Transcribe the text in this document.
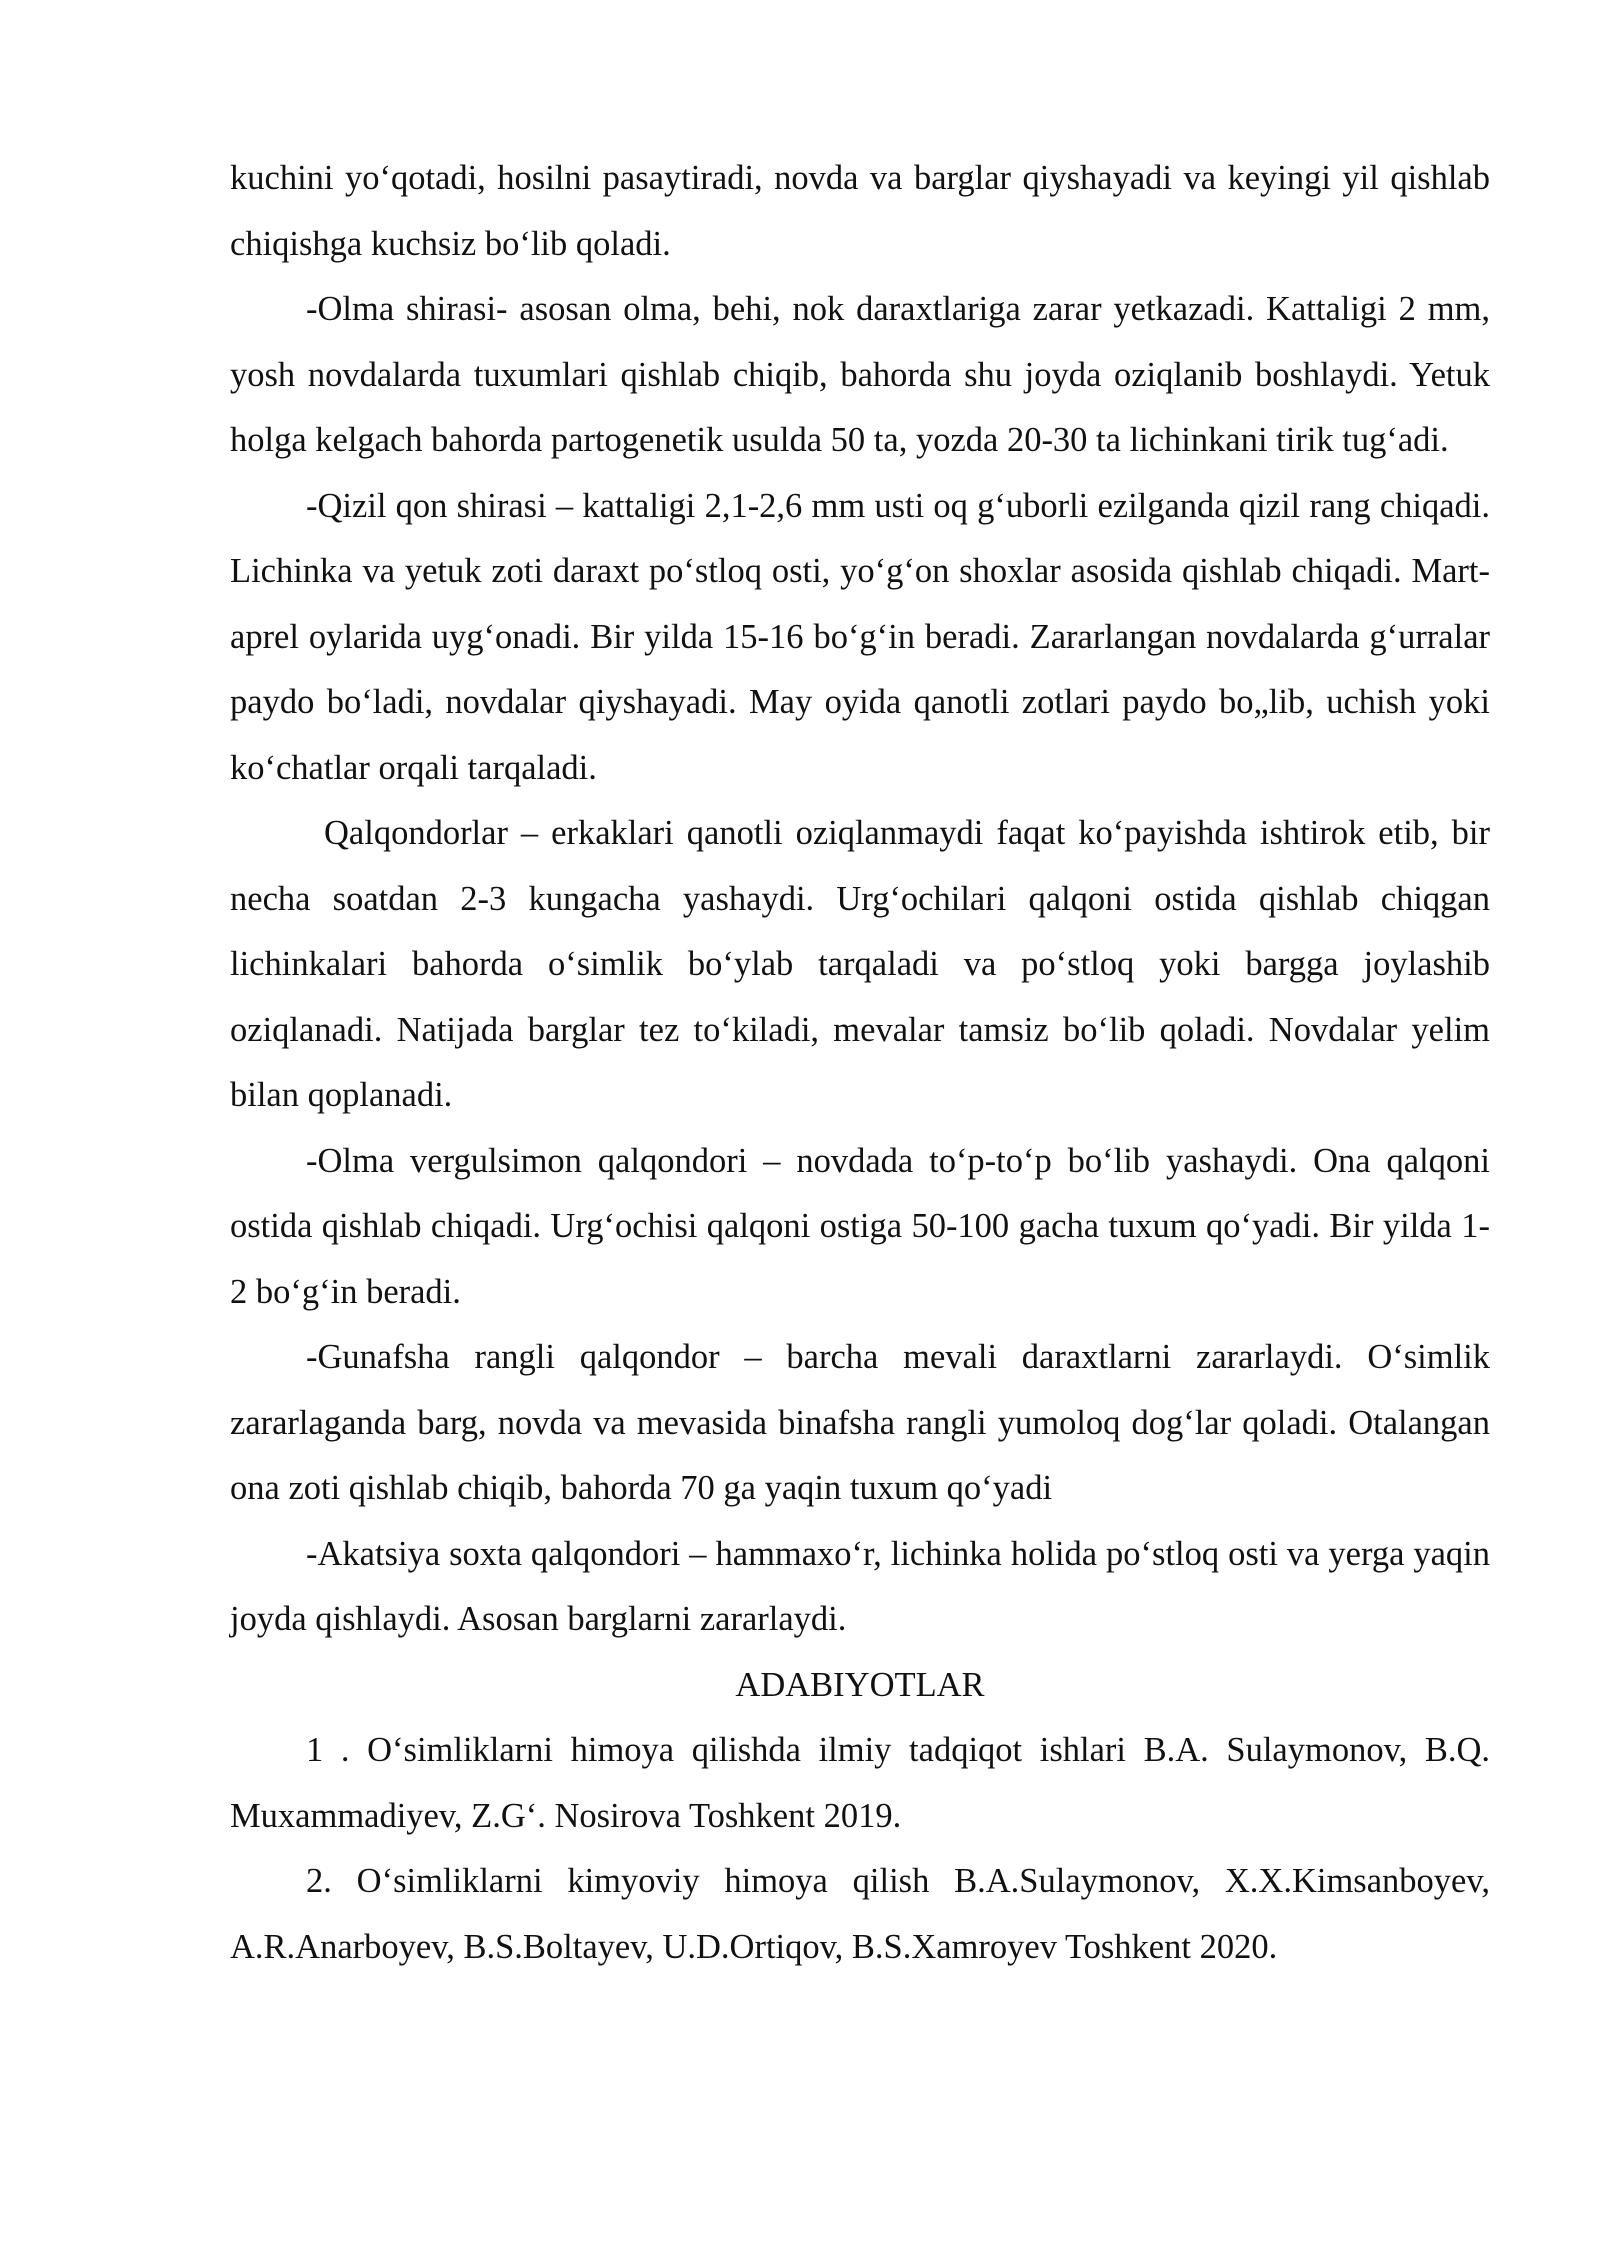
kuchini yo‘qotadi, hosilni pasaytiradi, novda va barglar qiyshayadi va keyingi yil qishlab chiqishga kuchsiz bo‘lib qoladi.

-Olma shirasi- asosan olma, behi, nok daraxtlariga zarar yetkazadi. Kattaligi 2 mm, yosh novdalarda tuxumlari qishlab chiqib, bahorda shu joyda oziqlanib boshlaydi. Yetuk holga kelgach bahorda partogenetik usulda 50 ta, yozda 20-30 ta lichinkani tirik tug‘adi.

-Qizil qon shirasi – kattaligi 2,1-2,6 mm usti oq g‘uborli ezilganda qizil rang chiqadi. Lichinka va yetuk zoti daraxt po‘stloq osti, yo‘g‘on shoxlar asosida qishlab chiqadi. Mart-aprel oylarida uyg‘onadi. Bir yilda 15-16 bo‘g‘in beradi. Zararlangan novdalarda g‘urralar paydo bo‘ladi, novdalar qiyshayadi. May oyida qanotli zotlari paydo bo„lib, uchish yoki ko‘chatlar orqali tarqaladi.

Qalqondorlar – erkaklari qanotli oziqlanmaydi faqat ko‘payishda ishtirok etib, bir necha soatdan 2-3 kungacha yashaydi. Urg‘ochilari qalqoni ostida qishlab chiqgan lichinkalari bahorda o‘simlik bo‘ylab tarqaladi va po‘stloq yoki bargga joylashib oziqlanadi. Natijada barglar tez to‘kiladi, mevalar tamsiz bo‘lib qoladi. Novdalar yelim bilan qoplanadi.

-Olma vergulsimon qalqondori – novdada to‘p-to‘p bo‘lib yashaydi. Ona qalqoni ostida qishlab chiqadi. Urg‘ochisi qalqoni ostiga 50-100 gacha tuxum qo‘yadi. Bir yilda 1-2 bo‘g‘in beradi.

-Gunafsha rangli qalqondor – barcha mevali daraxtlarni zararlaydi. O‘simlik zararlaganda barg, novda va mevasida binafsha rangli yumoloq dog‘lar qoladi. Otalangan ona zoti qishlab chiqib, bahorda 70 ga yaqin tuxum qo‘yadi

-Akatsiya soxta qalqondori – hammaxo‘r, lichinka holida po‘stloq osti va yerga yaqin joyda qishlaydi. Asosan barglarni zararlaydi.

ADABIYOTLAR

1 . O‘simliklarni himoya qilishda ilmiy tadqiqot ishlari B.A. Sulaymonov, B.Q. Muxammadiyev, Z.G‘. Nosirova Toshkent 2019.

2. O‘simliklarni kimyoviy himoya qilish B.A.Sulaymonov, X.X.Kimsanboyev, A.R.Anarboyev, B.S.Boltayev, U.D.Ortiqov, B.S.Xamroyev Toshkent 2020.
